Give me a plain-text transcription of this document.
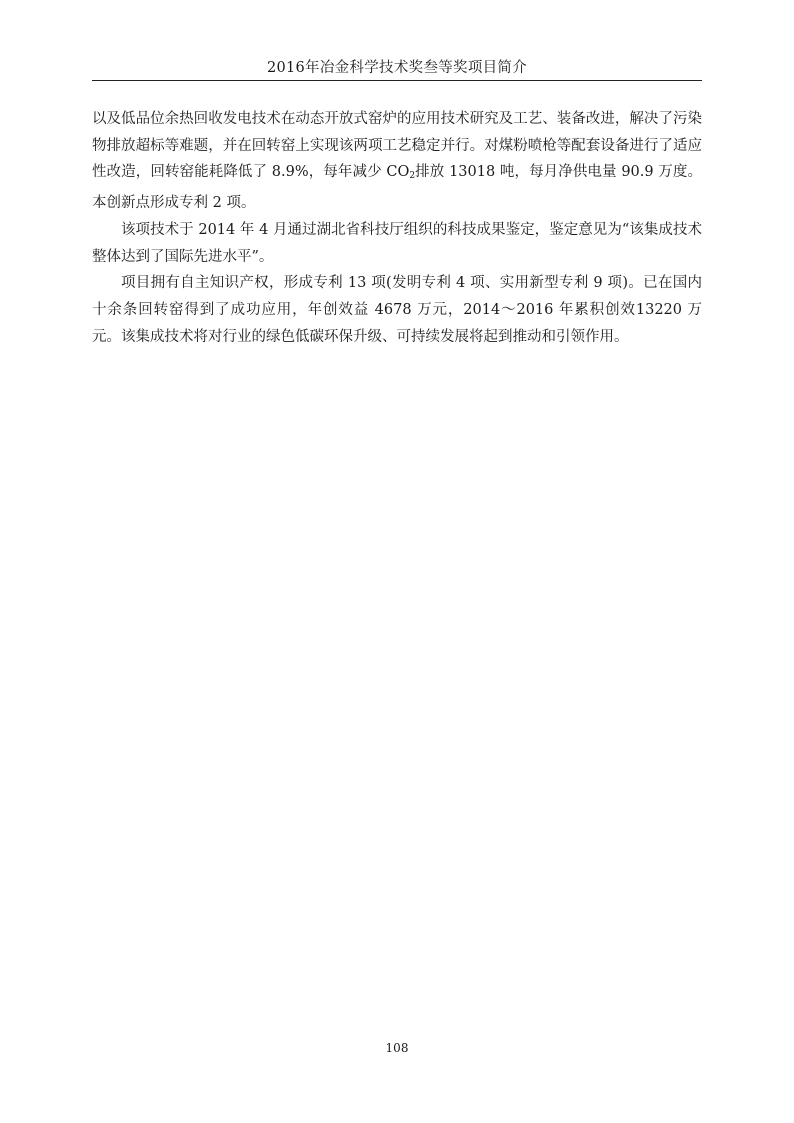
2016年冶金科学技术奖叁等奖项目简介

以及低品位余热回收发电技术在动态开放式窑炉的应用技术研究及工艺、装备改进，解决了污染物排放超标等难题，并在回转窑上实现该两项工艺稳定并行。对煤粉喷枪等配套设备进行了适应性改造，回转窑能耗降低了 8.9%，每年减少 $CO_2$排放 13018 吨，每月净供电量 90.9 万度。本创新点形成专利 2 项。

该项技术于 2014 年 4 月通过湖北省科技厅组织的科技成果鉴定，鉴定意见为“该集成技术整体达到了国际先进水平”。

项目拥有自主知识产权，形成专利 13 项(发明专利 4 项、实用新型专利 9 项)。已在国内十余条回转窑得到了成功应用，年创效益 4678 万元，2014～2016 年累积创效13220 万元。该集成技术将对行业的绿色低碳环保升级、可持续发展将起到推动和引领作用。

108
